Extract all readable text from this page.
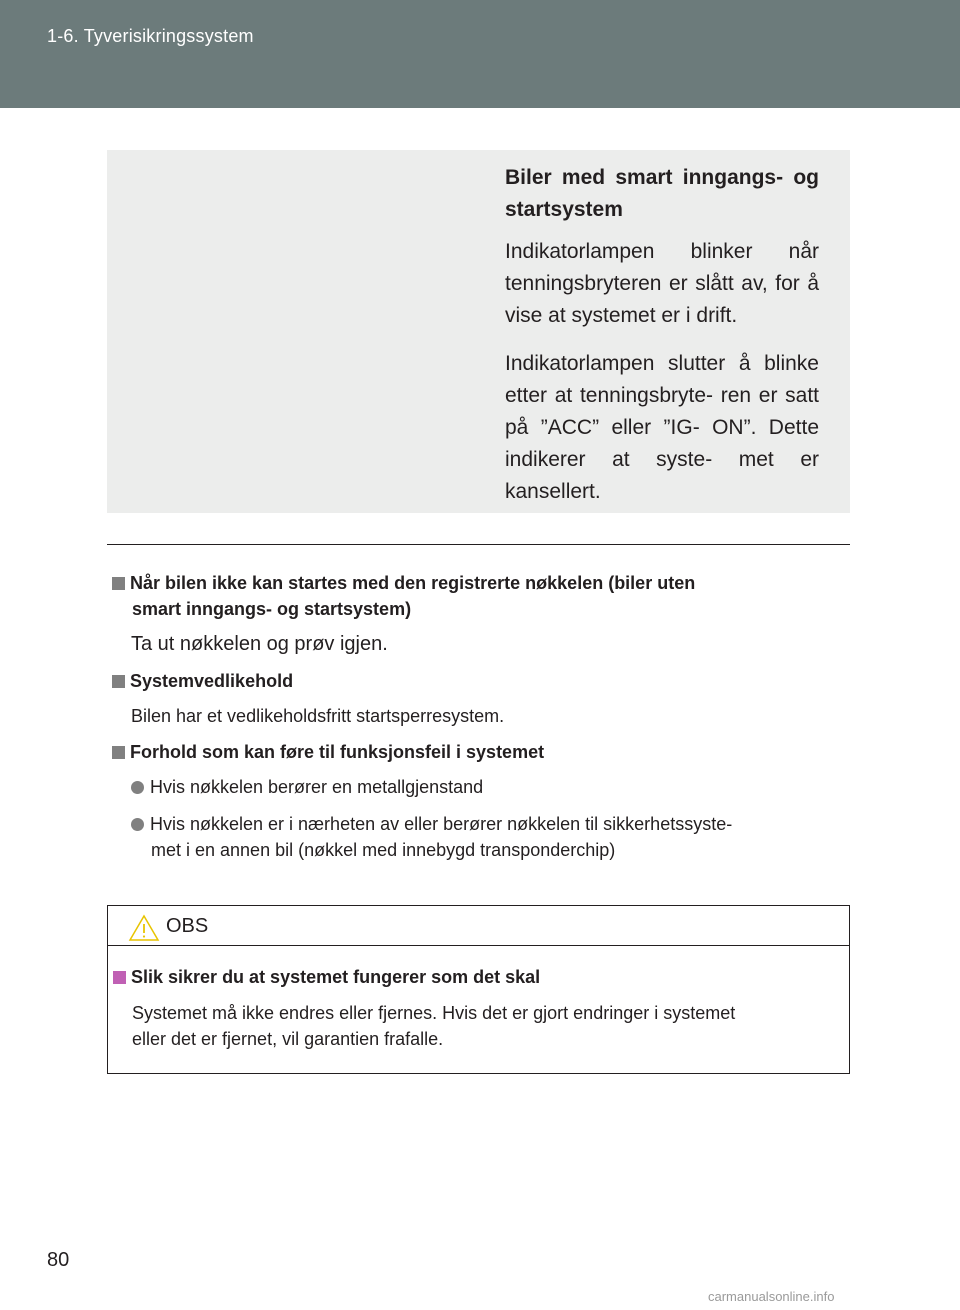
1-6. Tyverisikringssystem

Biler med smart inngangs- og startsystem

Indikatorlampen blinker når tenningsbryteren er slått av, for å vise at systemet er i drift.

Indikatorlampen slutter å blinke etter at tenningsbryte- ren er satt på ”ACC” eller ”IG- ON”. Dette indikerer at syste- met er kansellert.

Når bilen ikke kan startes med den registrerte nøkkelen (biler uten
smart inngangs- og startsystem)
Ta ut nøkkelen og prøv igjen.
Systemvedlikehold
Bilen har et vedlikeholdsfritt startsperresystem.
Forhold som kan føre til funksjonsfeil i systemet
Hvis nøkkelen berører en metallgjenstand
Hvis nøkkelen er i nærheten av eller berører nøkkelen til sikkerhetssyste-
met i en annen bil (nøkkel med innebygd transponderchip)
OBS
Slik sikrer du at systemet fungerer som det skal
Systemet må ikke endres eller fjernes. Hvis det er gjort endringer i systemet
eller det er fjernet, vil garantien frafalle.
80
carmanualsonline.info
